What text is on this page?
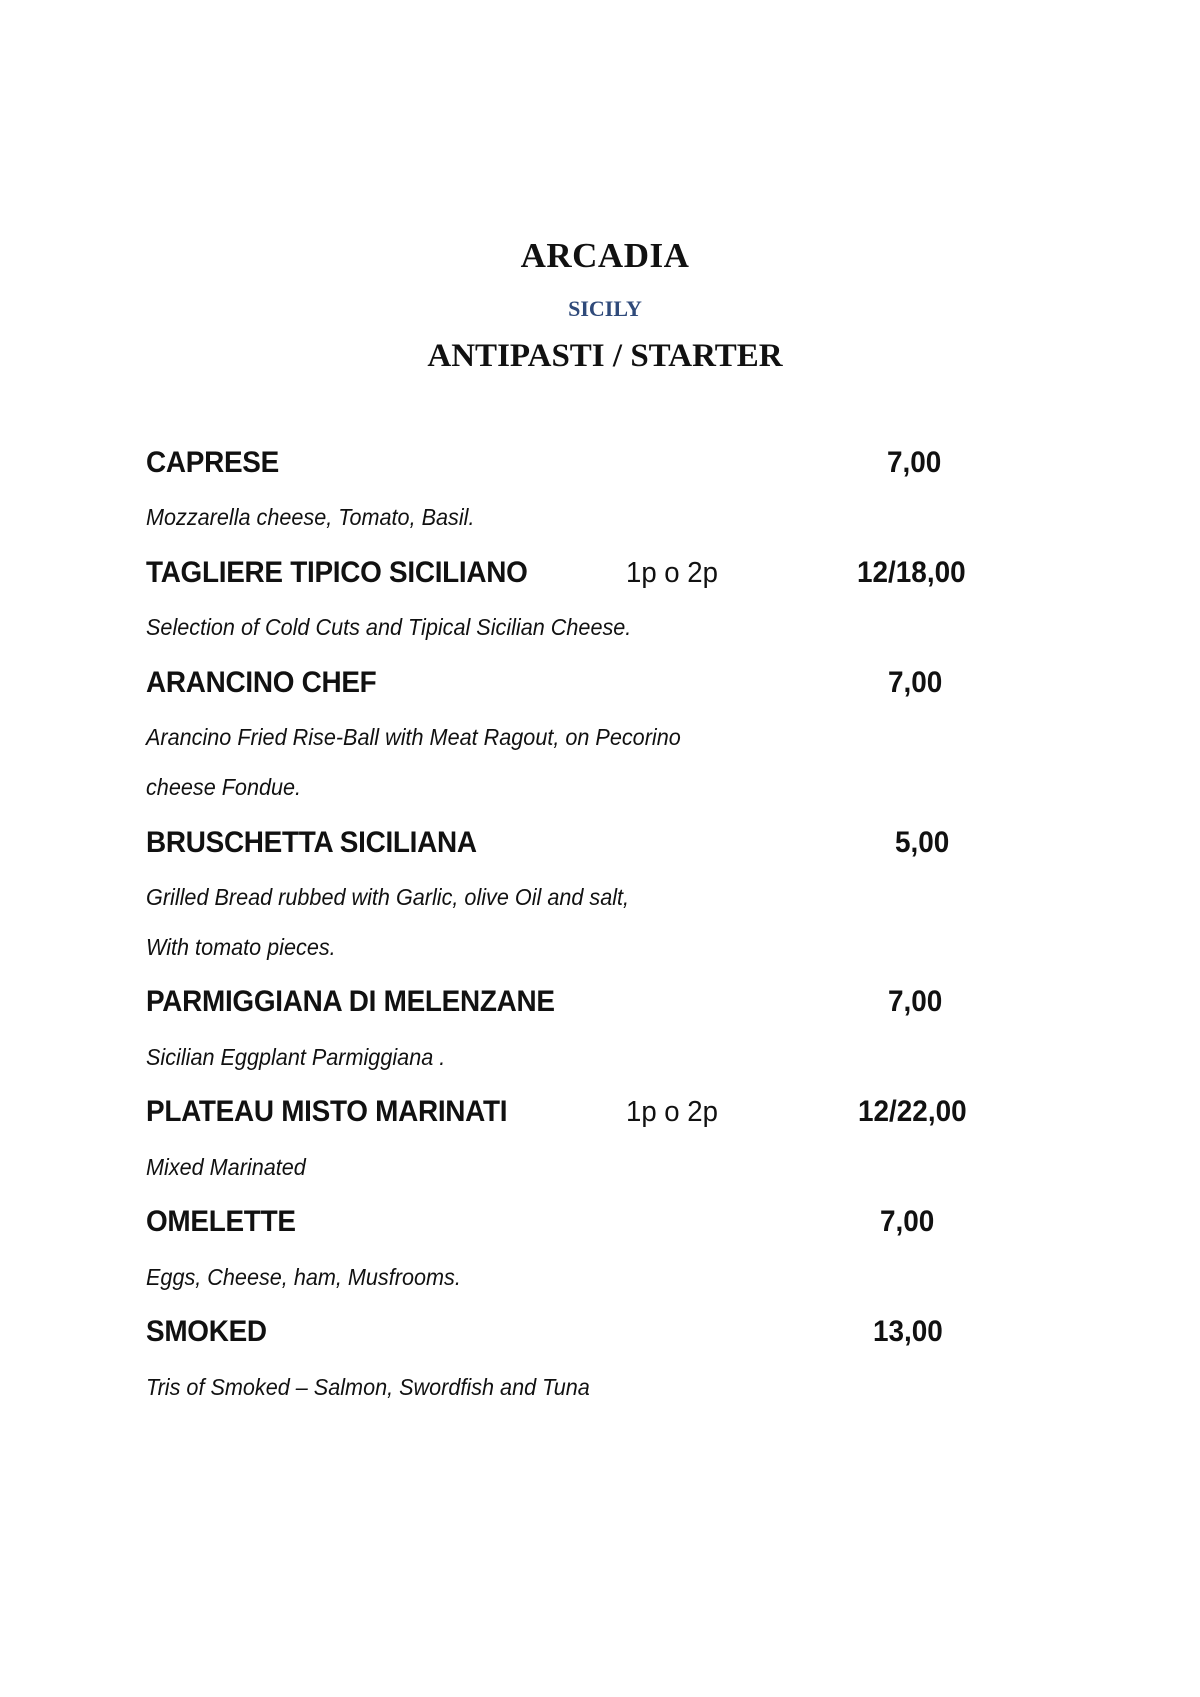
ARCADIA
SICILY
ANTIPASTI / STARTER
CAPRESE	7,00
Mozzarella cheese, Tomato, Basil.
TAGLIERE TIPICO SICILIANO	1p o 2p	12/18,00
Selection of Cold Cuts and Tipical Sicilian Cheese.
ARANCINO CHEF	7,00
Arancino Fried Rise-Ball with Meat Ragout, on Pecorino
cheese Fondue.
BRUSCHETTA SICILIANA	5,00
Grilled Bread rubbed with Garlic, olive Oil and salt,
With tomato pieces.
PARMIGGIANA DI MELENZANE	7,00
Sicilian Eggplant Parmiggiana .
PLATEAU MISTO MARINATI	1p o 2p	12/22,00
Mixed Marinated
OMELETTE	7,00
Eggs, Cheese, ham, Musfrooms.
SMOKED	13,00
Tris of Smoked – Salmon, Swordfish and Tuna
